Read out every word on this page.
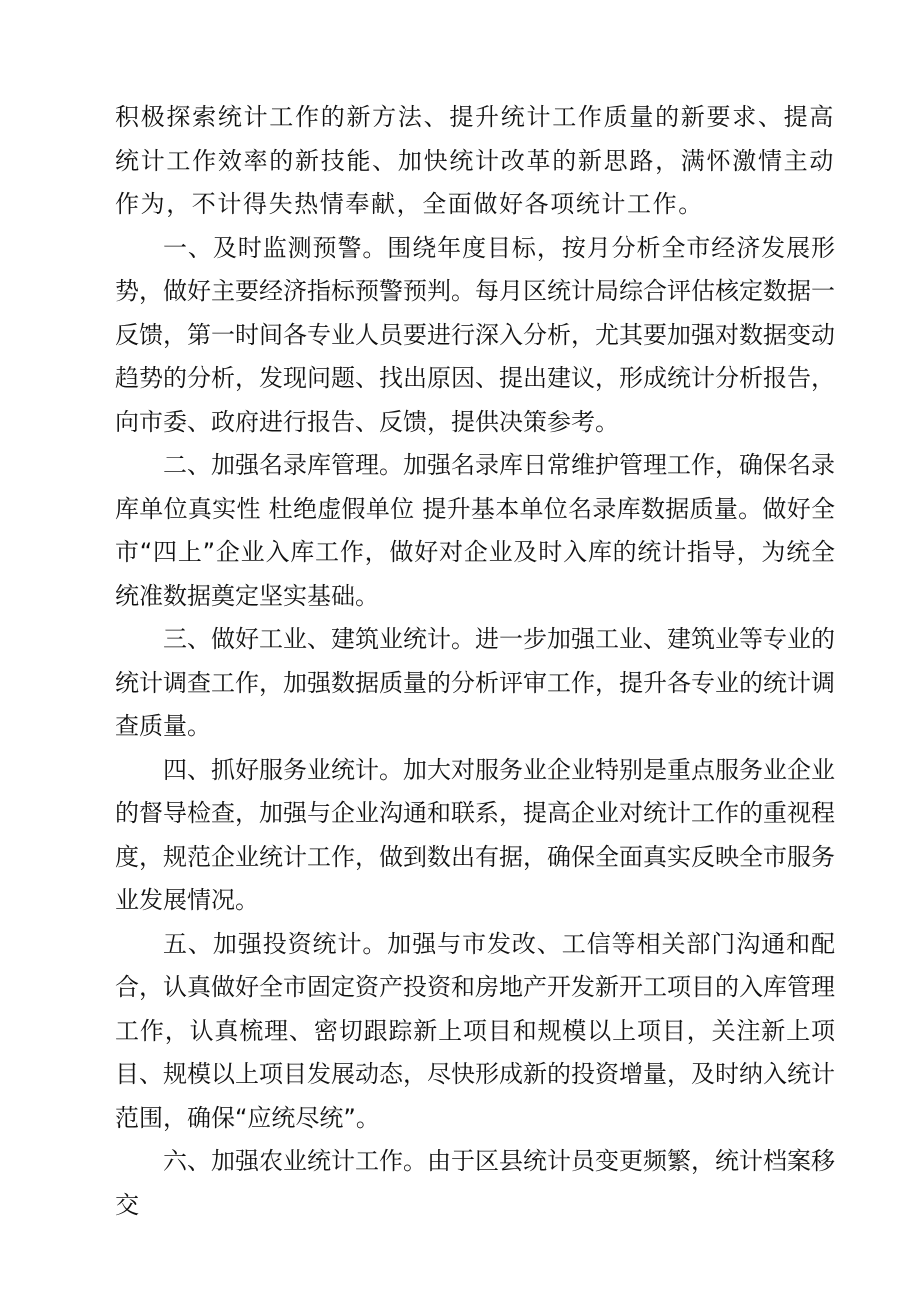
积极探索统计工作的新方法、提升统计工作质量的新要求、提高统计工作效率的新技能、加快统计改革的新思路，满怀激情主动作为，不计得失热情奉献，全面做好各项统计工作。

一、及时监测预警。围绕年度目标，按月分析全市经济发展形势，做好主要经济指标预警预判。每月区统计局综合评估核定数据一反馈，第一时间各专业人员要进行深入分析，尤其要加强对数据变动趋势的分析，发现问题、找出原因、提出建议，形成统计分析报告，向市委、政府进行报告、反馈，提供决策参考。

二、加强名录库管理。加强名录库日常维护管理工作，确保名录库单位真实性 杜绝虚假单位 提升基本单位名录库数据质量。做好全市“四上”企业入库工作，做好对企业及时入库的统计指导，为统全统准数据奠定坚实基础。

三、做好工业、建筑业统计。进一步加强工业、建筑业等专业的统计调查工作，加强数据质量的分析评审工作，提升各专业的统计调查质量。

四、抓好服务业统计。加大对服务业企业特别是重点服务业企业的督导检查，加强与企业沟通和联系，提高企业对统计工作的重视程度，规范企业统计工作，做到数出有据，确保全面真实反映全市服务业发展情况。

五、加强投资统计。加强与市发改、工信等相关部门沟通和配合，认真做好全市固定资产投资和房地产开发新开工项目的入库管理工作，认真梳理、密切跟踪新上项目和规模以上项目，关注新上项目、规模以上项目发展动态，尽快形成新的投资增量，及时纳入统计范围，确保“应统尽统”。

六、加强农业统计工作。由于区县统计员变更频繁，统计档案移交
